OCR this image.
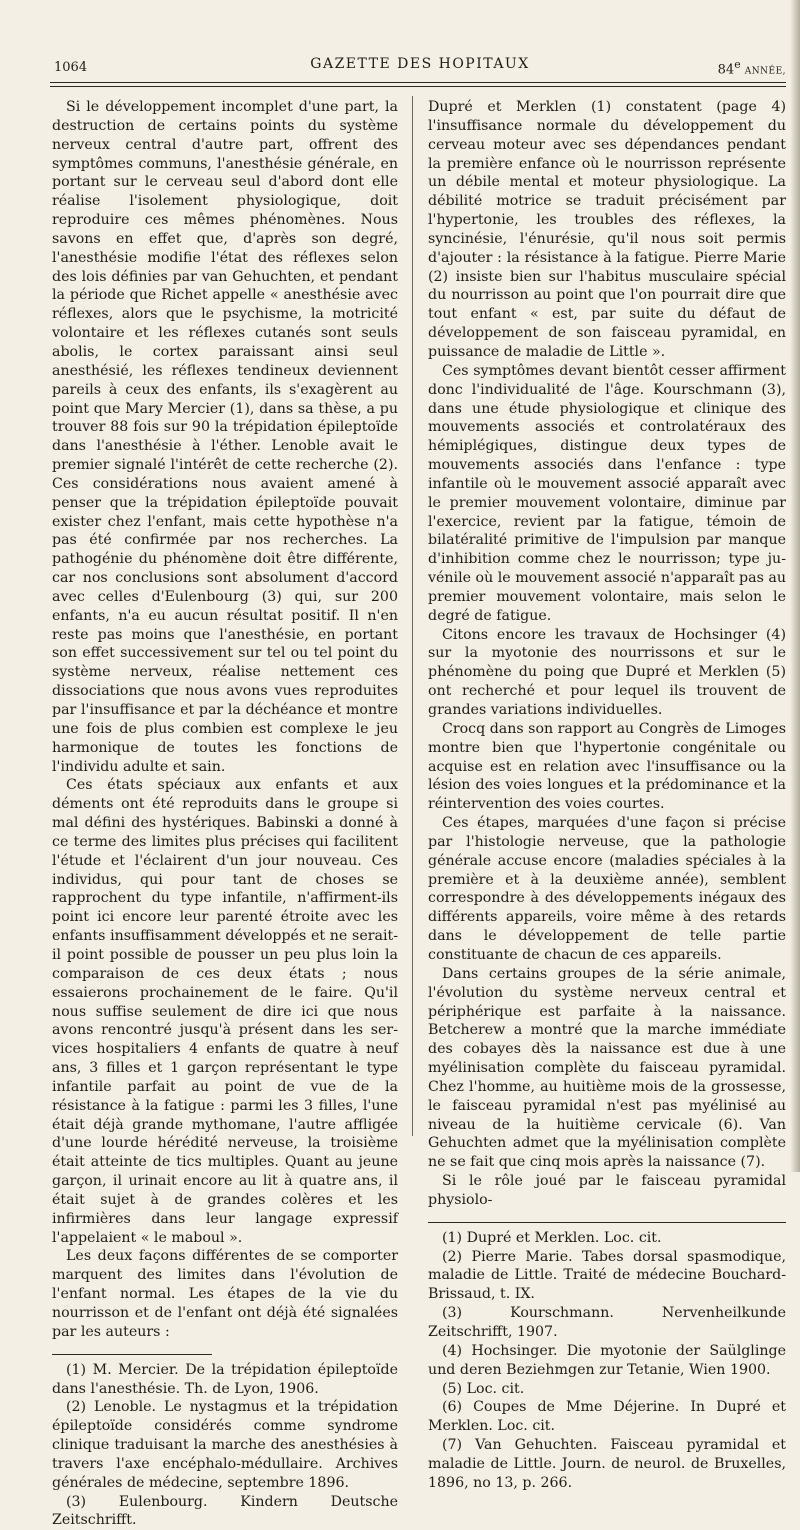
1064	GAZETTE DES HOPITAUX	84e ANNÉE,

Si le développement incomplet d'une part, la destruction de certains points du système nerveux central d'autre part, offrent des symptômes communs, l'anesthésie générale, en portant sur le cerveau seul d'abord dont elle réalise l'isolement physiologique, doit reproduire ces mêmes phénomènes. Nous savons en effet que, d'après son degré, l'anesthésie modifie l'état des réflexes selon des lois définies par van Gehuchten, et pendant la période que Richet appelle « anesthésie avec réflexes, alors que le psychisme, la motricité volontaire et les réflexes cutanés sont seuls abolis, le cortex paraissant ainsi seul anesthésié, les réflexes tendineux deviennent pareils à ceux des enfants, ils s'exagèrent au point que Mary Mercier (1), dans sa thèse, a pu trouver 88 fois sur 90 la trépidation épileptoïde dans l'anesthésie à l'éther. Lenoble avait le premier signalé l'intérêt de cette recherche (2). Ces considérations nous avaient amené à penser que la trépidation épileptoïde pouvait exister chez l'enfant, mais cette hypothèse n'a pas été confirmée par nos recherches. La pathogénie du phénomène doit être différente, car nos conclusions sont absolument d'accord avec celles d'Eulenbourg (3) qui, sur 200 enfants, n'a eu aucun résultat positif. Il n'en reste pas moins que l'anesthésie, en portant son effet successivement sur tel ou tel point du système nerveux, réalise nettement ces dissociations que nous avons vues reproduites par l'insuffisance et par la déchéance et montre une fois de plus combien est complexe le jeu harmonique de toutes les fonctions de l'individu adulte et sain.

Ces états spéciaux aux enfants et aux déments ont été reproduits dans le groupe si mal défini des hystériques. Babinski a donné à ce terme des limites plus précises qui facilitent l'étude et l'éclairent d'un jour nouveau. Ces individus, qui pour tant de choses se rapprochent du type infantile, n'affirment-ils point ici encore leur parenté étroite avec les enfants insuffisamment développés et ne serait-il point possible de pousser un peu plus loin la comparaison de ces deux états ; nous essaierons prochainement de le faire. Qu'il nous suffise seulement de dire ici que nous avons rencontré jusqu'à présent dans les services hospitaliers 4 enfants de quatre à neuf ans, 3 filles et 1 garçon représentant le type infantile parfait au point de vue de la résistance à la fatigue : parmi les 3 filles, l'une était déjà grande mythomane, l'autre affligée d'une lourde hérédité nerveuse, la troisième était atteinte de tics multiples. Quant au jeune garçon, il urinait encore au lit à quatre ans, il était sujet à de grandes colères et les infirmières dans leur langage expressif l'appelaient « le maboul ».

Les deux façons différentes de se comporter marquent des limites dans l'évolution de l'enfant normal. Les étapes de la vie du nourrisson et de l'enfant ont déjà été signalées par les auteurs :

(1) M. Mercier. De la trépidation épileptoïde dans l'anesthésie. Th. de Lyon, 1906.

(2) Lenoble. Le nystagmus et la trépidation épileptoïde considérés comme syndrome clinique traduisant la marche des anesthésies à travers l'axe encéphalo-médullaire. Archives générales de médecine, septembre 1896.

(3) Eulenbourg. Kindern Deutsche Zeitschrifft.

Dupré et Merklen (1) constatent (page 4) l'insuffisance normale du développement du cerveau moteur avec ses dépendances pendant la première enfance où le nourrisson représente un débile mental et moteur physiologique. La débilité motrice se traduit précisément par l'hypertonie, les troubles des réflexes, la syncinésie, l'énurésie, qu'il nous soit permis d'ajouter : la résistance à la fatigue. Pierre Marie (2) insiste bien sur l'habitus musculaire spécial du nourrisson au point que l'on pourrait dire que tout enfant « est, par suite du défaut de développement de son faisceau pyramidal, en puissance de maladie de Little ».

Ces symptômes devant bientôt cesser affirment donc l'individualité de l'âge. Kourschmann (3), dans une étude physiologique et clinique des mouvements associés et controlatéraux des hémiplégiques, distingue deux types de mouvements associés dans l'enfance : type infantile où le mouvement associé apparaît avec le premier mouvement volontaire, diminue par l'exercice, revient par la fatigue, témoin de bilatéralité primitive de l'impulsion par manque d'inhibition comme chez le nourrisson; type juvénile où le mouvement associé n'apparaît pas au premier mouvement volontaire, mais selon le degré de fatigue.

Citons encore les travaux de Hochsinger (4) sur la myotonie des nourrissons et sur le phénomène du poing que Dupré et Merklen (5) ont recherché et pour lequel ils trouvent de grandes variations individuelles.

Crocq dans son rapport au Congrès de Limoges montre bien que l'hypertonie congénitale ou acquise est en relation avec l'insuffisance ou la lésion des voies longues et la prédominance et la réintervention des voies courtes.

Ces étapes, marquées d'une façon si précise par l'histologie nerveuse, que la pathologie générale accuse encore (maladies spéciales à la première et à la deuxième année), semblent correspondre à des développements inégaux des différents appareils, voire même à des retards dans le développement de telle partie constituante de chacun de ces appareils.

Dans certains groupes de la série animale, l'évolution du système nerveux central et périphérique est parfaite à la naissance. Betcherew a montré que la marche immédiate des cobayes dès la naissance est due à une myélinisation complète du faisceau pyramidal. Chez l'homme, au huitième mois de la grossesse, le faisceau pyramidal n'est pas myélinisé au niveau de la huitième cervicale (6). Van Gehuchten admet que la myélinisation complète ne se fait que cinq mois après la naissance (7).

Si le rôle joué par le faisceau pyramidal physiolo-

(1) Dupré et Merklen. Loc. cit.

(2) Pierre Marie. Tabes dorsal spasmodique, maladie de Little. Traité de médecine Bouchard-Brissaud, t. IX.

(3) Kourschmann. Nervenheilkunde Zeitschrifft, 1907.

(4) Hochsinger. Die myotonie der Saülglinge und deren Beziehmgen zur Tetanie, Wien 1900.

(5) Loc. cit.

(6) Coupes de Mme Déjerine. In Dupré et Merklen. Loc. cit.

(7) Van Gehuchten. Faisceau pyramidal et maladie de Little. Journ. de neurol. de Bruxelles, 1896, no 13, p. 266.
